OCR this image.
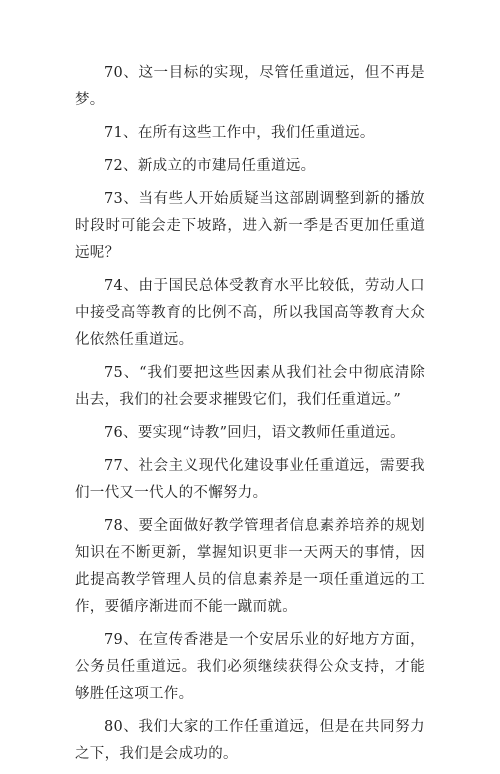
70、这一目标的实现，尽管任重道远，但不再是梦。

71、在所有这些工作中，我们任重道远。

72、新成立的市建局任重道远。

73、当有些人开始质疑当这部剧调整到新的播放时段时可能会走下坡路，进入新一季是否更加任重道远呢？

74、由于国民总体受教育水平比较低，劳动人口中接受高等教育的比例不高，所以我国高等教育大众化依然任重道远。

75、“我们要把这些因素从我们社会中彻底清除出去，我们的社会要求摧毁它们，我们任重道远。”

76、要实现“诗教”回归，语文教师任重道远。

77、社会主义现代化建设事业任重道远，需要我们一代又一代人的不懈努力。

78、要全面做好教学管理者信息素养培养的规划知识在不断更新，掌握知识更非一天两天的事情，因此提高教学管理人员的信息素养是一项任重道远的工作，要循序渐进而不能一蹴而就。

79、在宣传香港是一个安居乐业的好地方方面，公务员任重道远。我们必须继续获得公众支持，才能够胜任这项工作。

80、我们大家的工作任重道远，但是在共同努力之下，我们是会成功的。
